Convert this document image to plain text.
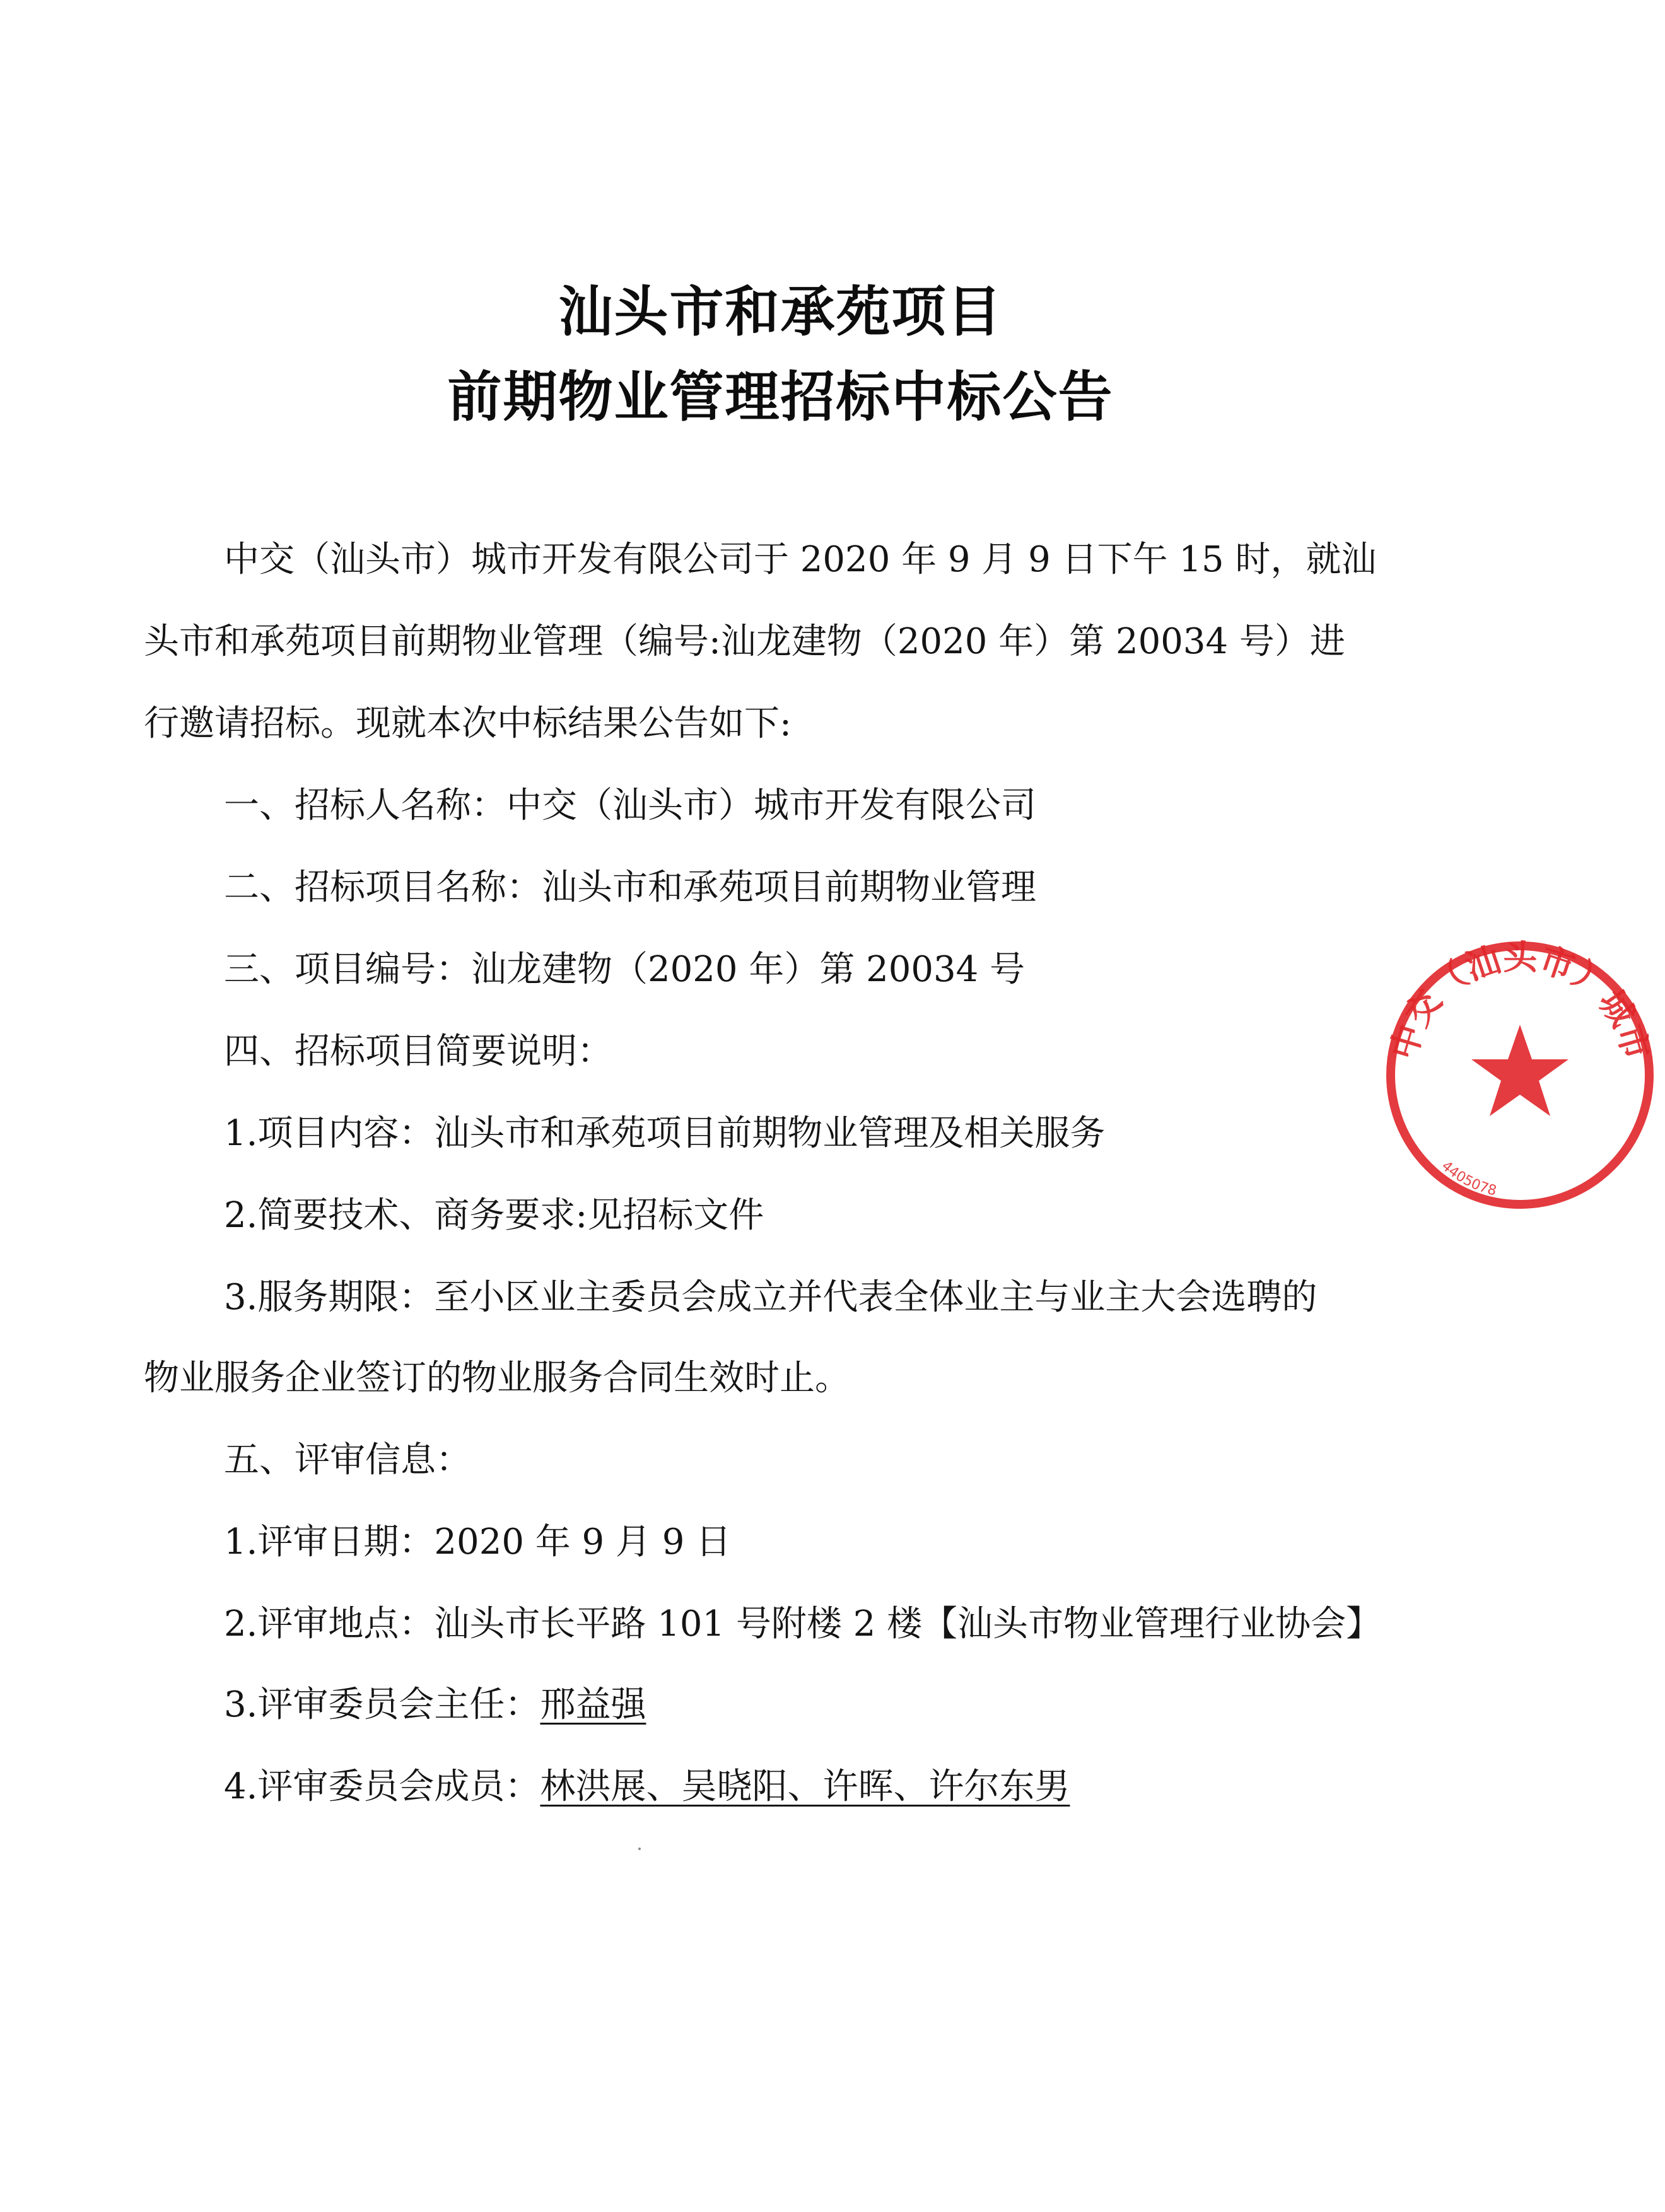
汕头市和承苑项目
前期物业管理招标中标公告
中交（汕头市）城市开发有限公司于 2020 年 9 月 9 日下午 15 时，就汕
头市和承苑项目前期物业管理（编号:汕龙建物（2020 年）第 20034 号）进
行邀请招标。现就本次中标结果公告如下:
一、招标人名称：中交（汕头市）城市开发有限公司
二、招标项目名称：汕头市和承苑项目前期物业管理
三、项目编号：汕龙建物（2020 年）第 20034 号
四、招标项目简要说明：
1.项目内容：汕头市和承苑项目前期物业管理及相关服务
2.简要技术、商务要求:见招标文件
3.服务期限：至小区业主委员会成立并代表全体业主与业主大会选聘的
物业服务企业签订的物业服务合同生效时止。
五、评审信息：
1.评审日期：2020 年 9 月 9 日
2.评审地点：汕头市长平路 101 号附楼 2 楼【汕头市物业管理行业协会】
3.评审委员会主任：邢益强
4.评审委员会成员：林洪展、吴晓阳、许晖、许尔东男
中交（汕头市）城市
4405078
